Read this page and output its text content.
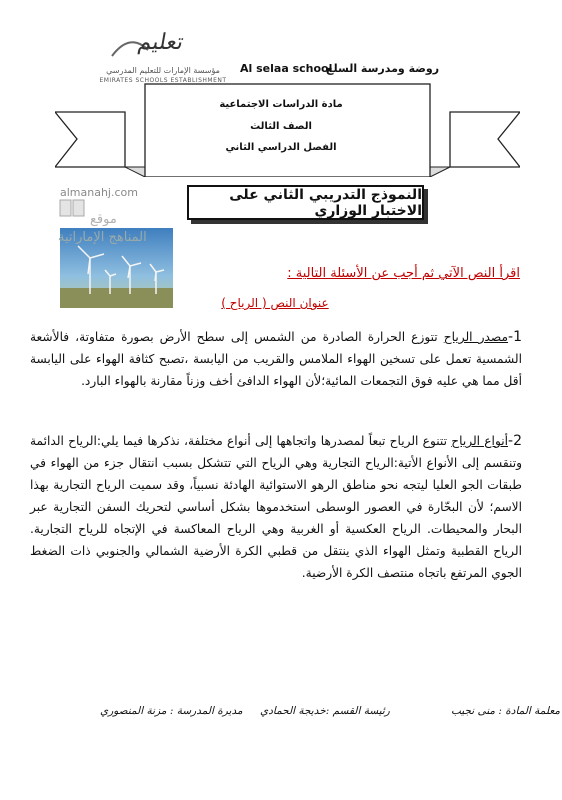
تعليم
مؤسسة الإمارات للتعليم المدرسي
EMIRATES SCHOOLS ESTABLISHMENT
Al selaa school
روضة ومدرسة السلع
مادة الدراسات الاجتماعية
الصف الثالث
الفصل الدراسي الثاني
النموذج التدريبي الثاني على الاختبار الوزاري
almanahj.com
موقع
المناهج الإماراتية
اقرأ النص الآتي ثم أجب عن الأسئلة التالية :
عنوان النص ( الرياح )
1-مصدر الرياح تتوزع الحرارة الصادرة من الشمس إلى سطح الأرض بصورة متفاوتة، فالأشعة الشمسية تعمل على تسخين الهواء الملامس والقريب من اليابسة ،تصبح كثافة الهواء على اليابسة أقل مما هي عليه فوق التجمعات المائية؛لأن الهواء الدافئ أخف وزناً مقارنة بالهواء البارد.
2-أنواع الرياح تتنوع الرياح تبعاً لمصدرها واتجاهها إلى أنواع مختلفة، نذكرها فيما يلي:الرياح الدائمة وتنقسم إلى الأنواع الأتية:الرياح التجارية وهي الرياح التي تتشكل بسبب انتقال جزء من الهواء في طبقات الجو العليا ليتجه نحو مناطق الرهو الاستوائية الهادئة نسبياً، وقد سميت الرياح التجارية بهذا الاسم؛ لأن البحّارة في العصور الوسطى استخدموها بشكل أساسي لتحريك السفن التجارية عبر البحار والمحيطات. الرياح العكسية أو الغربية وهي الرياح المعاكسة في الإتجاه للرياح التجارية. الرياح القطبية وتمثل الهواء الذي ينتقل من قطبي الكرة الأرضية الشمالي والجنوبي ذات الضغط الجوي المرتفع باتجاه منتصف الكرة الأرضية.
معلمة المادة : منى نجيب
رئيسة القسم :خديجة الحمادي
مديرة المدرسة : مزنة المنصوري
